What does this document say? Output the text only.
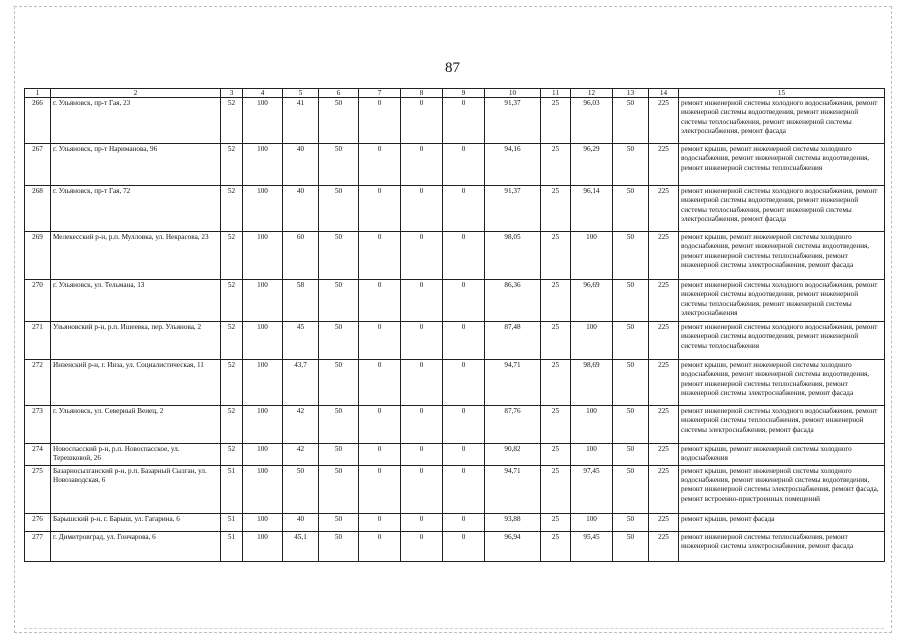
87
1	2	3	4	5	6	7	8	9	10	11	12	13	14	15
266	г. Ульяновск, пр-т Гая, 23	52	100	41	50	0	0	0	91,37	25	96,03	50	225	ремонт инженерной системы холодного водоснабжения, ремонт инженерной системы водоотведения, ремонт инженерной системы теплоснабжения, ремонт инженерной системы электроснабжения, ремонт фасада
267	г. Ульяновск, пр-т Нариманова, 96	52	100	40	50	0	0	0	94,16	25	96,29	50	225	ремонт крыши, ремонт инженерной системы холодного водоснабжения, ремонт инженерной системы водоотведения, ремонт инженерной системы теплоснабжения
268	г. Ульяновск, пр-т Гая, 72	52	100	40	50	0	0	0	91,37	25	96,14	50	225	ремонт инженерной системы холодного водоснабжения, ремонт инженерной системы водоотведения, ремонт инженерной системы теплоснабжения, ремонт инженерной системы электроснабжения, ремонт фасада
269	Мелекесский р-н, р.п. Мулловка, ул. Некрасова, 23	52	100	60	50	0	0	0	98,05	25	100	50	225	ремонт крыши, ремонт инженерной системы холодного водоснабжения, ремонт инженерной системы водоотведения, ремонт инженерной системы теплоснабжения, ремонт инженерной системы электроснабжения, ремонт фасада
270	г. Ульяновск, ул. Тельмана, 13	52	100	58	50	0	0	0	86,36	25	96,69	50	225	ремонт инженерной системы холодного водоснабжения, ремонт инженерной системы водоотведения, ремонт инженерной системы теплоснабжения, ремонт инженерной системы электроснабжения
271	Ульяновский р-н, р.п. Ишеевка, пер. Ульянова, 2	52	100	45	50	0	0	0	87,48	25	100	50	225	ремонт инженерной системы холодного водоснабжения, ремонт инженерной системы водоотведения, ремонт инженерной системы теплоснабжения
272	Инзенский р-н, г. Инза, ул. Социалистическая, 11	52	100	43,7	50	0	0	0	94,71	25	98,69	50	225	ремонт крыши, ремонт инженерной системы холодного водоснабжения, ремонт инженерной системы водоотведения, ремонт инженерной системы теплоснабжения, ремонт инженерной системы электроснабжения, ремонт фасада
273	г. Ульяновск, ул. Северный Венец, 2	52	100	42	50	0	0	0	87,76	25	100	50	225	ремонт инженерной системы холодного водоснабжения, ремонт инженерной системы теплоснабжения, ремонт инженерной системы электроснабжения, ремонт фасада
274	Новоспасский р-н, р.п. Новоспасское, ул. Терешковой, 26	52	100	42	50	0	0	0	90,82	25	100	50	225	ремонт крыши, ремонт инженерной системы холодного водоснабжения
275	Базарносызганский р-н, р.п. Базарный Сызган, ул. Новозаводская, 6	51	100	50	50	0	0	0	94,71	25	97,45	50	225	ремонт крыши, ремонт инженерной системы холодного водоснабжения, ремонт инженерной системы водоотведения, ремонт инженерной системы электроснабжения, ремонт фасада, ремонт встроенно-пристроенных помещений
276	Барышский р-н, г. Барыш, ул. Гагарина, 6	51	100	40	50	0	0	0	93,88	25	100	50	225	ремонт крыши, ремонт фасада
277	г. Димитровград, ул. Гончарова, 6	51	100	45,1	50	0	0	0	96,94	25	95,45	50	225	ремонт инженерной системы теплоснабжения, ремонт инженерной системы электроснабжения, ремонт фасада
